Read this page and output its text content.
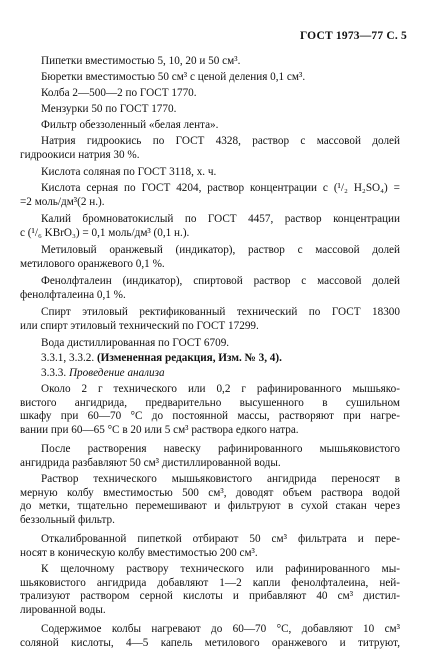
ГОСТ 1973—77 С. 5
Пипетки вместимостью 5, 10, 20 и 50 см³.
Бюретки вместимостью 50 см³ с ценой деления 0,1 см³.
Колба 2—500—2 по ГОСТ 1770.
Мензурки 50 по ГОСТ 1770.
Фильтр обеззоленный «белая лента».
Натрия гидроокись по ГОСТ 4328, раствор с массовой долей
гидроокиси натрия 30 %.
Кислота соляная по ГОСТ 3118, х. ч.
Кислота серная по ГОСТ 4204, раствор концентрации c (¹/₂ H₂SO₄) =
=2 моль/дм³(2 н.).
Калий бромноватокислый по ГОСТ 4457, раствор концентрации
c (¹/₆ KBrO₃) = 0,1 моль/дм³ (0,1 н.).
Метиловый оранжевый (индикатор), раствор с массовой долей
метилового оранжевого 0,1 %.
Фенолфталеин (индикатор), спиртовой раствор с массовой долей
фенолфталеина 0,1 %.
Спирт этиловый ректификованный технический по ГОСТ 18300
или спирт этиловый технический по ГОСТ 17299.
Вода дистиллированная по ГОСТ 6709.
3.3.1, 3.3.2. (Измененная редакция, Изм. № 3, 4).
3.3.3. Проведение анализа
Около 2 г технического или 0,2 г рафинированного мышьяко-
вистого ангидрида, предварительно высушенного в сушильном
шкафу при 60—70 °С до постоянной массы, растворяют при нагре-
вании при 60—65 °С в 20 или 5 см³ раствора едкого натра.
После растворения навеску рафинированного мышьяковистого
ангидрида разбавляют 50 см³ дистиллированной воды.
Раствор технического мышьяковистого ангидрида переносят в
мерную колбу вместимостью 500 см³, доводят объем раствора водой
до метки, тщательно перемешивают и фильтруют в сухой стакан через
беззольный фильтр.
Откалиброванной пипеткой отбирают 50 см³ фильтрата и пере-
носят в коническую колбу вместимостью 200 см³.
К щелочному раствору технического или рафинированного мы-
шьяковистого ангидрида добавляют 1—2 капли фенолфталеина, ней-
трализуют раствором серной кислоты и прибавляют 40 см³ дистил-
лированной воды.
Содержимое колбы нагревают до 60—70 °С, добавляют 10 см³
соляной кислоты, 4—5 капель метилового оранжевого и титруют,
